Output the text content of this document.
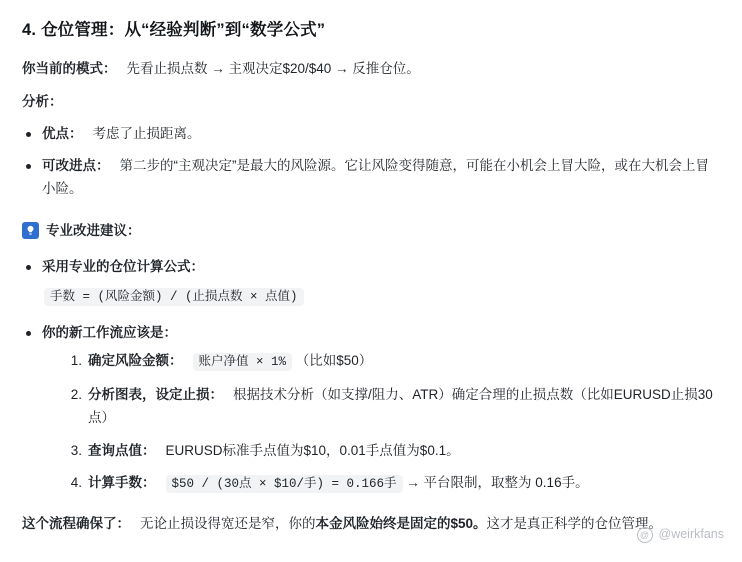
4. 仓位管理：从“经验判断”到“数学公式”
你当前的模式： 先看止损点数 → 主观决定$20/$40 → 反推仓位。
分析：
优点： 考虑了止损距离。
可改进点： 第二步的“主观决定”是最大的风险源。它让风险变得随意，可能在小机会上冒大险，或在大机会上冒小险。
专业改进建议：
采用专业的仓位计算公式：
手数 = (风险金额) / (止损点数 × 点值)
你的新工作流应该是：
确定风险金额： 账户净值 × 1% （比如$50）
分析图表，设定止损： 根据技术分析（如支撑/阻力、ATR）确定合理的止损点数（比如EURUSD止损30点）
查询点值： EURUSD标准手点值为$10，0.01手点值为$0.1。
计算手数： $50 / (30点 × $10/手) = 0.166手 → 平台限制，取整为 0.16手。
这个流程确保了： 无论止损设得宽还是窄，你的本金风险始终是固定的$50。这才是真正科学的仓位管理。
@ @weirkfans
